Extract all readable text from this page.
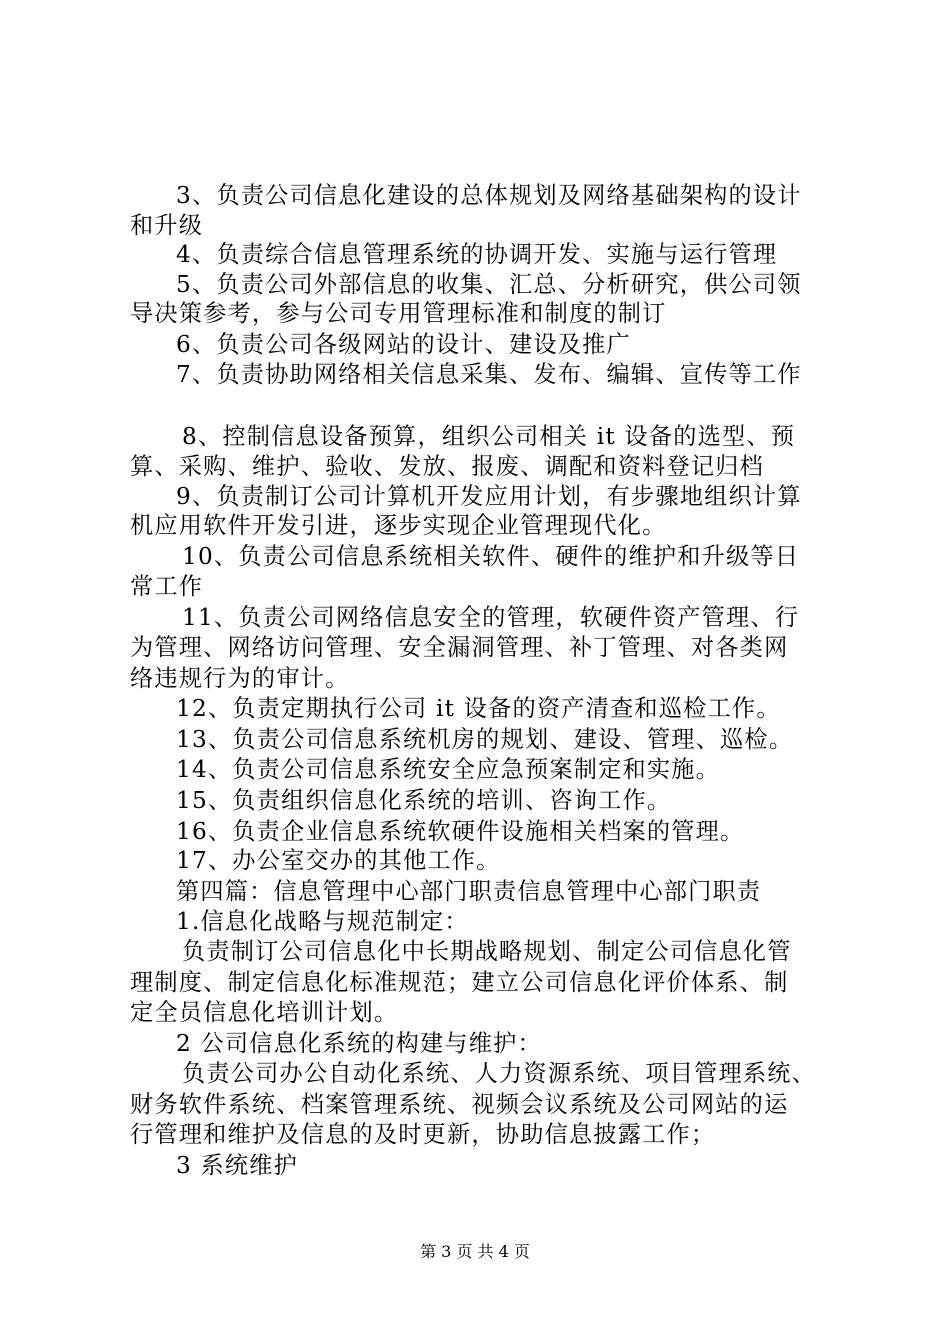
3、负责公司信息化建设的总体规划及网络基础架构的设计
和升级
4、负责综合信息管理系统的协调开发、实施与运行管理
5、负责公司外部信息的收集、汇总、分析研究，供公司领
导决策参考，参与公司专用管理标准和制度的制订
6、负责公司各级网站的设计、建设及推广
7、负责协助网络相关信息采集、发布、编辑、宣传等工作
8、控制信息设备预算，组织公司相关 it 设备的选型、预
算、采购、维护、验收、发放、报废、调配和资料登记归档
9、负责制订公司计算机开发应用计划，有步骤地组织计算
机应用软件开发引进，逐步实现企业管理现代化。
10、负责公司信息系统相关软件、硬件的维护和升级等日
常工作
11、负责公司网络信息安全的管理，软硬件资产管理、行
为管理、网络访问管理、安全漏洞管理、补丁管理、对各类网
络违规行为的审计。
12、负责定期执行公司 it 设备的资产清查和巡检工作。
13、负责公司信息系统机房的规划、建设、管理、巡检。
14、负责公司信息系统安全应急预案制定和实施。
15、负责组织信息化系统的培训、咨询工作。
16、负责企业信息系统软硬件设施相关档案的管理。
17、办公室交办的其他工作。
第四篇：信息管理中心部门职责信息管理中心部门职责
1.信息化战略与规范制定：
负责制订公司信息化中长期战略规划、制定公司信息化管
理制度、制定信息化标准规范；建立公司信息化评价体系、制
定全员信息化培训计划。
2 公司信息化系统的构建与维护：
负责公司办公自动化系统、人力资源系统、项目管理系统、
财务软件系统、档案管理系统、视频会议系统及公司网站的运
行管理和维护及信息的及时更新，协助信息披露工作；
3 系统维护
第 3 页 共 4 页
